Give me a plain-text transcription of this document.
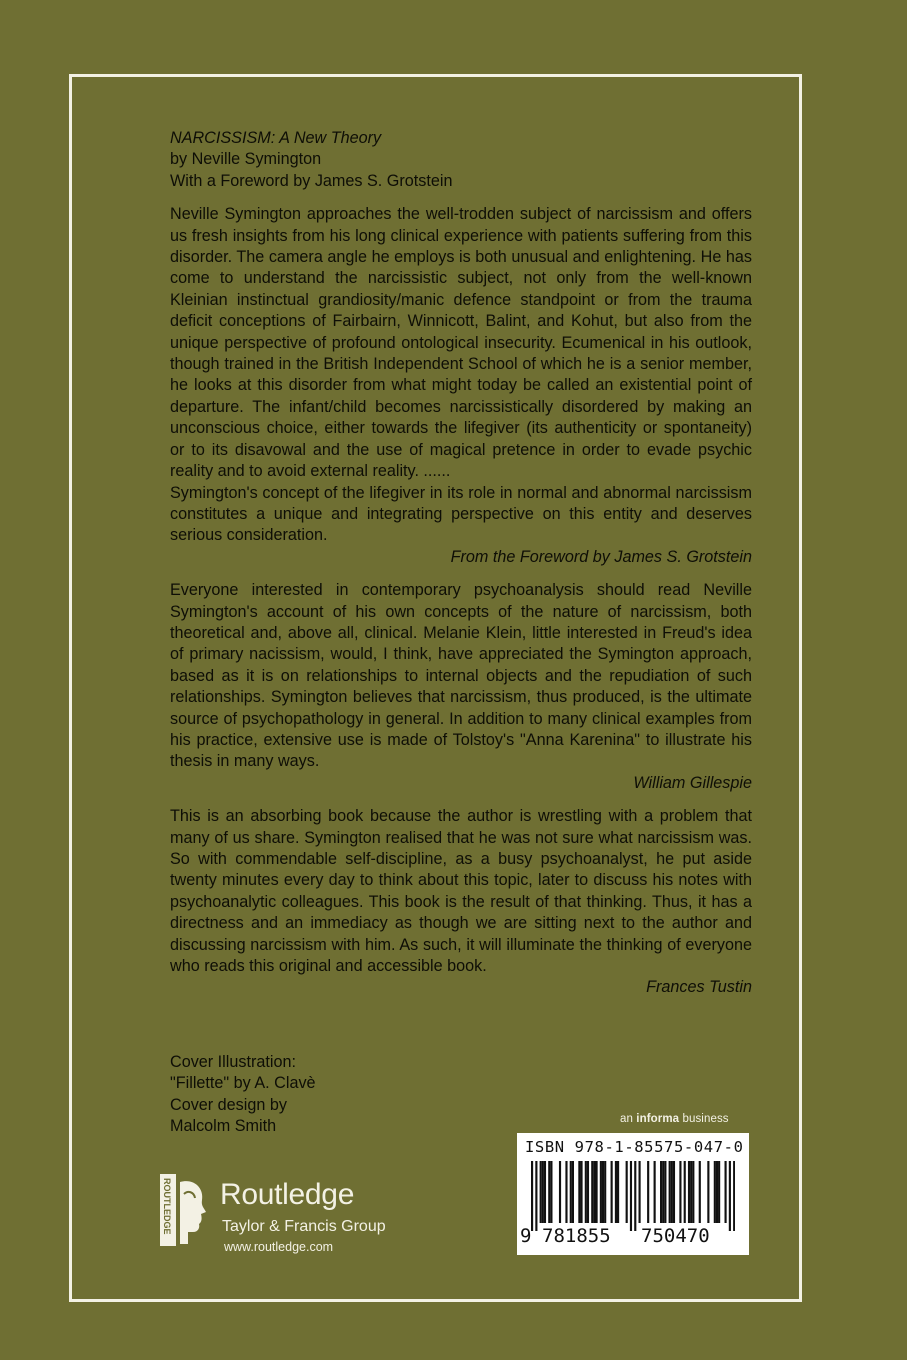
NARCISSISM: A New Theory

by Neville Symington

With a Foreword by James S. Grotstein

Neville Symington approaches the well-trodden subject of narcissism and offers us fresh insights from his long clinical experience with patients suffering from this disorder. The camera angle he employs is both unusual and enlightening. He has come to understand the narcissistic subject, not only from the well-known Kleinian instinctual grandiosity/manic defence standpoint or from the trauma deficit conceptions of Fairbairn, Winnicott, Balint, and Kohut, but also from the unique perspective of profound ontological insecurity. Ecumenical in his outlook, though trained in the British Independent School of which he is a senior member, he looks at this disorder from what might today be called an existential point of departure. The infant/child becomes narcissistically disordered by making an unconscious choice, either towards the lifegiver (its authenticity or spontaneity) or to its disavowal and the use of magical pretence in order to evade psychic reality and to avoid external reality. ......

Symington's concept of the lifegiver in its role in normal and abnormal narcissism constitutes a unique and integrating perspective on this entity and deserves serious consideration.

From the Foreword by James S. Grotstein

Everyone interested in contemporary psychoanalysis should read Neville Symington's account of his own concepts of the nature of narcissism, both theoretical and, above all, clinical. Melanie Klein, little interested in Freud's idea of primary nacissism, would, I think, have appreciated the Symington approach, based as it is on relationships to internal objects and the repudiation of such relationships. Symington believes that narcissism, thus produced, is the ultimate source of psychopathology in general. In addition to many clinical examples from his practice, extensive use is made of Tolstoy's "Anna Karenina" to illustrate his thesis in many ways.

William Gillespie

This is an absorbing book because the author is wrestling with a problem that many of us share. Symington realised that he was not sure what narcissism was. So with commendable self-discipline, as a busy psychoanalyst, he put aside twenty minutes every day to think about this topic, later to discuss his notes with psychoanalytic colleagues. This book is the result of that thinking. Thus, it has a directness and an immediacy as though we are sitting next to the author and discussing narcissism with him. As such, it will illuminate the thinking of everyone who reads this original and accessible book.

Frances Tustin

Cover Illustration:

"Fillette" by A. Clavè

Cover design by

Malcolm Smith	an informa business
ISBN 978-1-85575-047-0
9 781855 750470
ROUTLEDGE Routledge
Taylor & Francis Group
www.routledge.com
